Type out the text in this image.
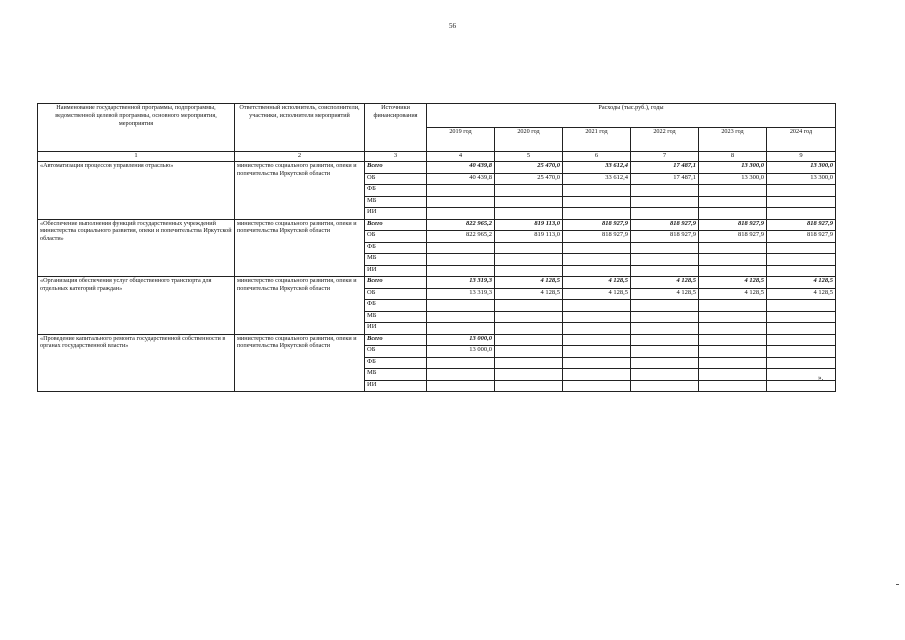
56
Наименование государственной программы, подпрограммы, ведомственной целевой программы, основного мероприятия, мероприятия	Ответственный исполнитель, соисполнители, участники, исполнители мероприятий	Источники финансирования	Расходы (тыс.руб.), годы					
			2019 год	2020 год	2021 год	2022 год	2023 год	2024 год
1	2	3	4	5	6	7	8	9
«Автоматизация процессов управления отраслью»	министерство социального развития, опеки и попечительства Иркутской области	Всего	40 439,8	25 470,0	33 612,4	17 487,1	13 300,0	13 300,0
		ОБ	40 439,8	25 470,0	33 612,4	17 487,1	13 300,0	13 300,0
		ФБ						
		МБ						
		ИИ						
«Обеспечение выполнения функций государственных учреждений министерства социального развития, опеки и попечительства Иркутской области»	министерство социального развития, опеки и попечительства Иркутской области	Всего	822 965,2	819 113,0	818 927,9	818 927,9	818 927,9	818 927,9
		ОБ	822 965,2	819 113,0	818 927,9	818 927,9	818 927,9	818 927,9
		ФБ						
		МБ						
		ИИ						
«Организация обеспечения услуг общественного транспорта для отдельных категорий граждан»	министерство социального развития, опеки и попечительства Иркутской области	Всего	13 319,3	4 128,5	4 128,5	4 128,5	4 128,5	4 128,5
		ОБ	13 319,3	4 128,5	4 128,5	4 128,5	4 128,5	4 128,5
		ФБ						
		МБ						
		ИИ						
«Проведение капитального ремонта государственной собственности в органах государственной власти»	министерство социального развития, опеки и попечительства Иркутской области	Всего	13 000,0					
		ОБ	13 000,0					
		ФБ						
		МБ						
		ИИ						
».
